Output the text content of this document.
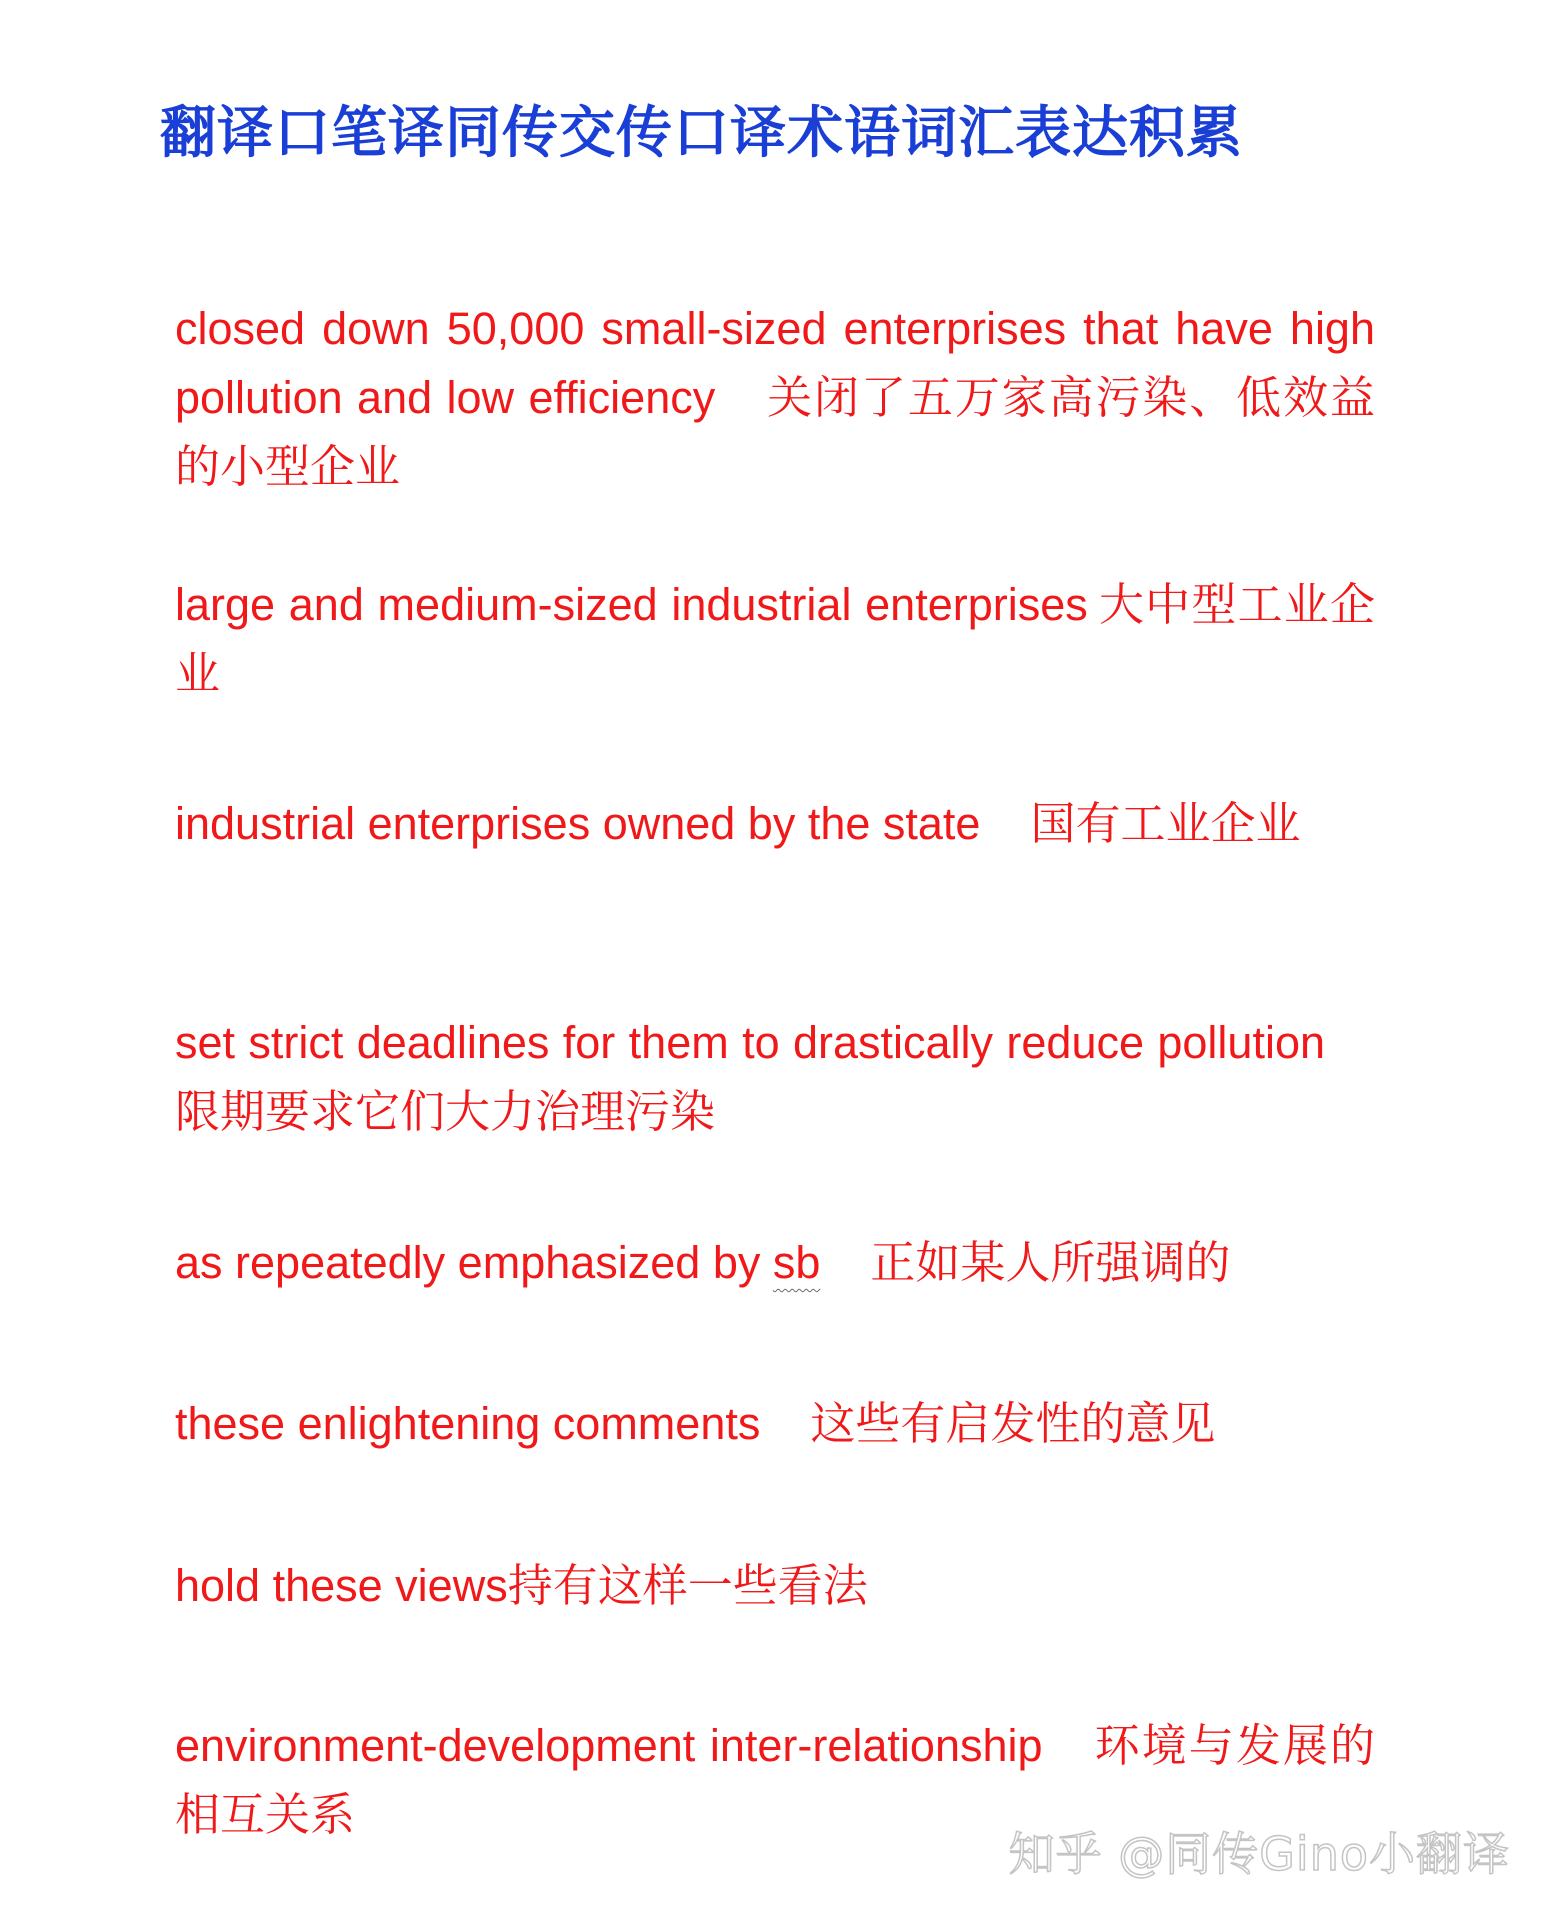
翻译口笔译同传交传口译术语词汇表达积累

closed down 50,000 small-sized enterprises that have high pollution and low efficiency 关闭了五万家高污染、低效益的小型企业

large and medium-sized industrial enterprises 大中型工业企业

industrial enterprises owned by the state 国有工业企业

set strict deadlines for them to drastically reduce pollution限期要求它们大力治理污染

as repeatedly emphasized by sb 正如某人所强调的

these enlightening comments 这些有启发性的意见

hold these views持有这样一些看法

environment-development inter-relationship 环境与发展的相互关系

知乎 @同传Gino小翻译
